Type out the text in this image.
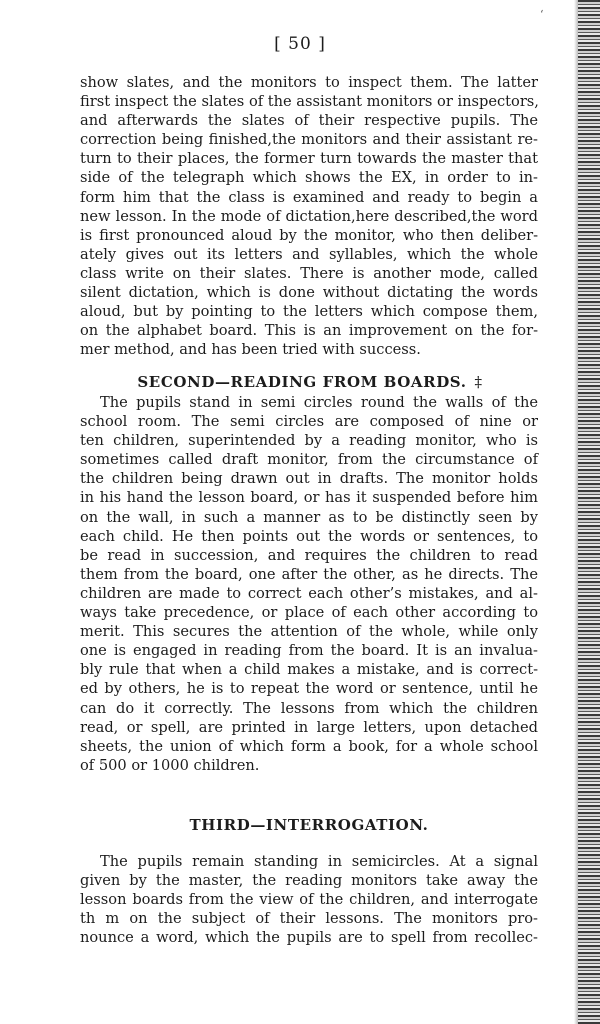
‘
[ 50 ]
show slates, and the monitors to inspect them. The latter
first inspect the slates of the assistant monitors or inspectors,
and afterwards the slates of their respective pupils. The
correction being finished,the monitors and their assistant re-
turn to their places, the former turn towards the master that
side of the telegraph which shows the EX, in order to in-
form him that the class is examined and ready to begin a
new lesson. In the mode of dictation,here described,the word
is first pronounced aloud by the monitor, who then deliber-
ately gives out its letters and syllables, which the whole
class write on their slates. There is another mode, called
silent dictation, which is done without dictating the words
aloud, but by pointing to the letters which compose them,
on the alphabet board. This is an improvement on the for-
mer method, and has been tried with success.
SECOND—READING FROM BOARDS. ‡
The pupils stand in semi circles round the walls of the
school room. The semi circles are composed of nine or
ten children, superintended by a reading monitor, who is
sometimes called draft monitor, from the circumstance of
the children being drawn out in drafts. The monitor holds
in his hand the lesson board, or has it suspended before him
on the wall, in such a manner as to be distinctly seen by
each child. He then points out the words or sentences, to
be read in succession, and requires the children to read
them from the board, one after the other, as he directs. The
children are made to correct each other’s mistakes, and al-
ways take precedence, or place of each other according to
merit. This secures the attention of the whole, while only
one is engaged in reading from the board. It is an invalua-
bly rule that when a child makes a mistake, and is correct-
ed by others, he is to repeat the word or sentence, until he
can do it correctly. The lessons from which the children
read, or spell, are printed in large letters, upon detached
sheets, the union of which form a book, for a whole school
of 500 or 1000 children.
THIRD—INTERROGATION.
The pupils remain standing in semicircles. At a signal
given by the master, the reading monitors take away the
lesson boards from the view of the children, and interrogate
th m on the subject of their lessons. The monitors pro-
nounce a word, which the pupils are to spell from recollec-
